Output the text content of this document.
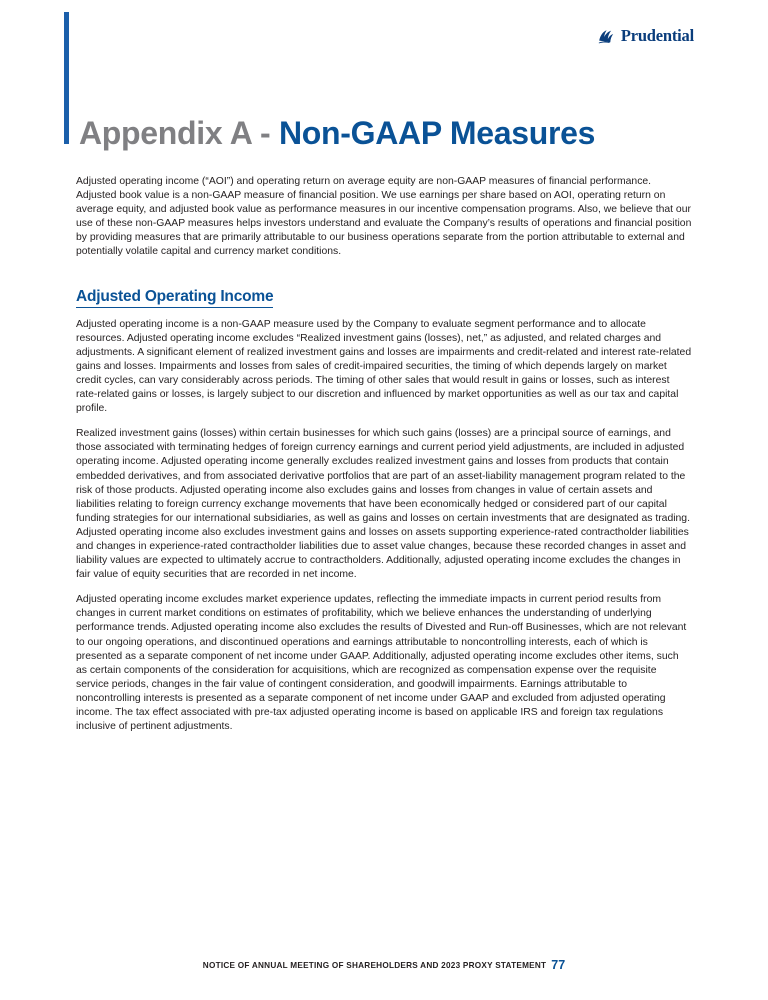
Prudential
Appendix A - Non-GAAP Measures

Adjusted operating income (“AOI”) and operating return on average equity are non-GAAP measures of financial performance. Adjusted book value is a non-GAAP measure of financial position. We use earnings per share based on AOI, operating return on average equity, and adjusted book value as performance measures in our incentive compensation programs. Also, we believe that our use of these non-GAAP measures helps investors understand and evaluate the Company’s results of operations and financial position by providing measures that are primarily attributable to our business operations separate from the portion attributable to external and potentially volatile capital and currency market conditions.

Adjusted Operating Income

Adjusted operating income is a non-GAAP measure used by the Company to evaluate segment performance and to allocate resources. Adjusted operating income excludes “Realized investment gains (losses), net,” as adjusted, and related charges and adjustments. A significant element of realized investment gains and losses are impairments and credit-related and interest rate-related gains and losses. Impairments and losses from sales of credit-impaired securities, the timing of which depends largely on market credit cycles, can vary considerably across periods. The timing of other sales that would result in gains or losses, such as interest rate-related gains or losses, is largely subject to our discretion and influenced by market opportunities as well as our tax and capital profile.

Realized investment gains (losses) within certain businesses for which such gains (losses) are a principal source of earnings, and those associated with terminating hedges of foreign currency earnings and current period yield adjustments, are included in adjusted operating income. Adjusted operating income generally excludes realized investment gains and losses from products that contain embedded derivatives, and from associated derivative portfolios that are part of an asset-liability management program related to the risk of those products. Adjusted operating income also excludes gains and losses from changes in value of certain assets and liabilities relating to foreign currency exchange movements that have been economically hedged or considered part of our capital funding strategies for our international subsidiaries, as well as gains and losses on certain investments that are designated as trading. Adjusted operating income also excludes investment gains and losses on assets supporting experience-rated contractholder liabilities and changes in experience-rated contractholder liabilities due to asset value changes, because these recorded changes in asset and liability values are expected to ultimately accrue to contractholders. Additionally, adjusted operating income excludes the changes in fair value of equity securities that are recorded in net income.

Adjusted operating income excludes market experience updates, reflecting the immediate impacts in current period results from changes in current market conditions on estimates of profitability, which we believe enhances the understanding of underlying performance trends. Adjusted operating income also excludes the results of Divested and Run-off Businesses, which are not relevant to our ongoing operations, and discontinued operations and earnings attributable to noncontrolling interests, each of which is presented as a separate component of net income under GAAP. Additionally, adjusted operating income excludes other items, such as certain components of the consideration for acquisitions, which are recognized as compensation expense over the requisite service periods, changes in the fair value of contingent consideration, and goodwill impairments. Earnings attributable to noncontrolling interests is presented as a separate component of net income under GAAP and excluded from adjusted operating income. The tax effect associated with pre-tax adjusted operating income is based on applicable IRS and foreign tax regulations inclusive of pertinent adjustments.

NOTICE OF ANNUAL MEETING OF SHAREHOLDERS AND 2023 PROXY STATEMENT 77
